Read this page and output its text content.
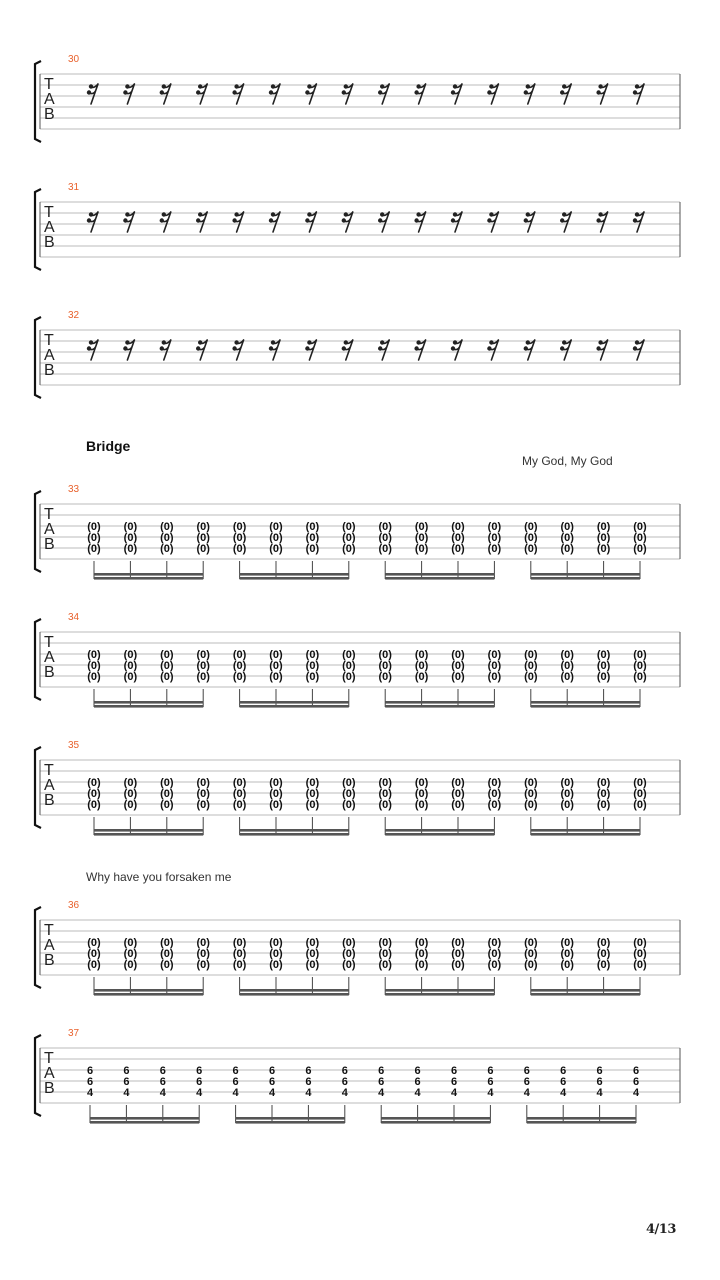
Bridge
My God, My God
Why have you forsaken me
4/13
30
T
A
B
31
T
A
B
32
T
A
B
33
T
A
B
(0)
(0)
(0)
(0)
(0)
(0)
(0)
(0)
(0)
(0)
(0)
(0)
(0)
(0)
(0)
(0)
(0)
(0)
(0)
(0)
(0)
(0)
(0)
(0)
(0)
(0)
(0)
(0)
(0)
(0)
(0)
(0)
(0)
(0)
(0)
(0)
(0)
(0)
(0)
(0)
(0)
(0)
(0)
(0)
(0)
(0)
(0)
(0)
34
T
A
B
(0)
(0)
(0)
(0)
(0)
(0)
(0)
(0)
(0)
(0)
(0)
(0)
(0)
(0)
(0)
(0)
(0)
(0)
(0)
(0)
(0)
(0)
(0)
(0)
(0)
(0)
(0)
(0)
(0)
(0)
(0)
(0)
(0)
(0)
(0)
(0)
(0)
(0)
(0)
(0)
(0)
(0)
(0)
(0)
(0)
(0)
(0)
(0)
35
T
A
B
(0)
(0)
(0)
(0)
(0)
(0)
(0)
(0)
(0)
(0)
(0)
(0)
(0)
(0)
(0)
(0)
(0)
(0)
(0)
(0)
(0)
(0)
(0)
(0)
(0)
(0)
(0)
(0)
(0)
(0)
(0)
(0)
(0)
(0)
(0)
(0)
(0)
(0)
(0)
(0)
(0)
(0)
(0)
(0)
(0)
(0)
(0)
(0)
36
T
A
B
(0)
(0)
(0)
(0)
(0)
(0)
(0)
(0)
(0)
(0)
(0)
(0)
(0)
(0)
(0)
(0)
(0)
(0)
(0)
(0)
(0)
(0)
(0)
(0)
(0)
(0)
(0)
(0)
(0)
(0)
(0)
(0)
(0)
(0)
(0)
(0)
(0)
(0)
(0)
(0)
(0)
(0)
(0)
(0)
(0)
(0)
(0)
(0)
37
T
A
B
6
6
4
6
6
4
6
6
4
6
6
4
6
6
4
6
6
4
6
6
4
6
6
4
6
6
4
6
6
4
6
6
4
6
6
4
6
6
4
6
6
4
6
6
4
6
6
4
